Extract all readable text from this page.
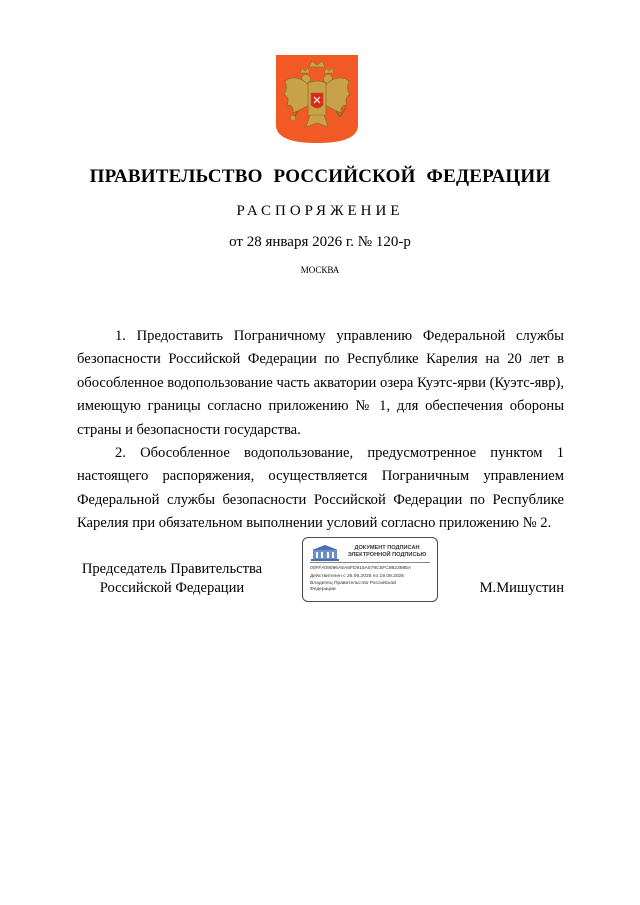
ПРАВИТЕЛЬСТВО РОССИЙСКОЙ ФЕДЕРАЦИИ
РАСПОРЯЖЕНИЕ
от 28 января 2026 г. № 120-р
МОСКВА

1. Предоставить Пограничному управлению Федеральной службы безопасности Российской Федерации по Республике Карелия на 20 лет в обособленное водопользование часть акватории озера Куэтс-ярви (Куэтс-явр), имеющую границы согласно приложению № 1, для обеспечения обороны страны и безопасности государства.

2. Обособленное водопользование, предусмотренное пунктом 1 настоящего распоряжения, осуществляется Пограничным управлением Федеральной службы безопасности Российской Федерации по Республике Карелия при обязательном выполнении условий согласно приложению № 2.

Председатель Правительства
Российской Федерации
ДОКУМЕНТ ПОДПИСАН
ЭЛЕКТРОННОЙ ПОДПИСЬЮ
00FFA09096A5A6FD915A579C5FC9823985A
Действителен с 26.06.2025 по 19.09.2026
Владелец Правительство Российской
Федерации	М.Мишустин
